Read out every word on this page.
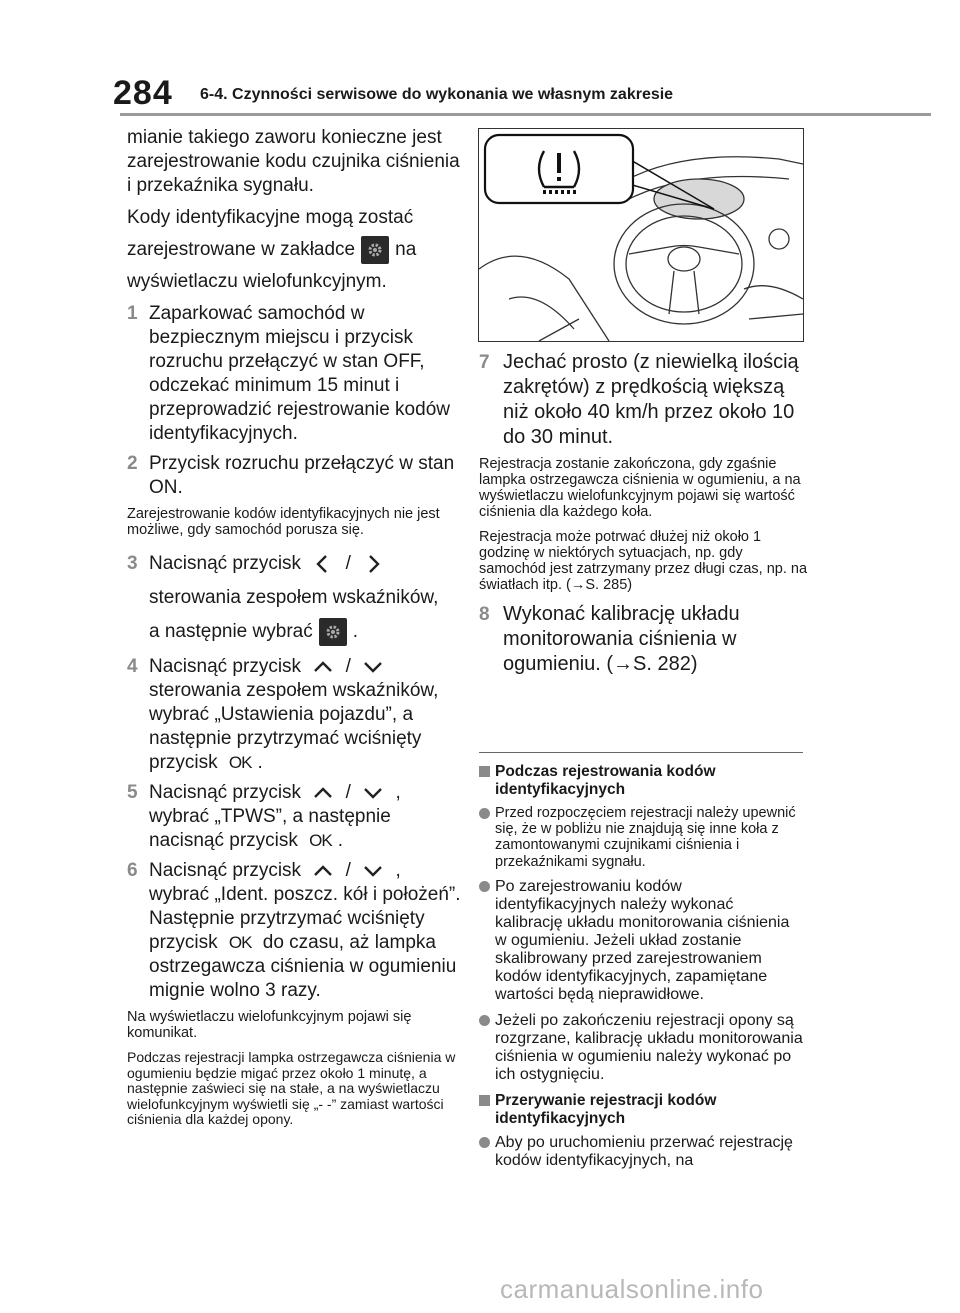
284 6-4. Czynności serwisowe do wykonania we własnym zakresie

mianie takiego zaworu konieczne jest zarejestrowanie kodu czujnika ciśnienia i przekaźnika sygnału.

Kody identyfikacyjne mogą zostać

zarejestrowane w zakładce na

wyświetlaczu wielofunkcyjnym.

1 Zaparkować samochód w bezpiecznym miejscu i przycisk rozruchu przełączyć w stan OFF, odczekać minimum 15 minut i przeprowadzić rejestrowanie kodów identyfikacyjnych.
2 Przycisk rozruchu przełączyć w stan ON.

Zarejestrowanie kodów identyfikacyjnych nie jest możliwe, gdy samochód porusza się.

3 Nacisnąć przycisk /  sterowania zespołem wskaźników,
a następnie wybrać .
4 Nacisnąć przycisk /  sterowania zespołem wskaźników, wybrać „Ustawienia pojazdu”, a następnie przytrzymać wciśnięty przycisk OK .
5 Nacisnąć przycisk / , wybrać „TPWS”, a następnie nacisnąć przycisk OK .
6 Nacisnąć przycisk / , wybrać „Ident. poszcz. kół i położeń”. Następnie przytrzymać wciśnięty przycisk OK do czasu, aż lampka ostrzegawcza ciśnienia w ogumieniu mignie wolno 3 razy.

Na wyświetlaczu wielofunkcyjnym pojawi się komunikat.

Podczas rejestracji lampka ostrzegawcza ciśnienia w ogumieniu będzie migać przez około 1 minutę, a następnie zaświeci się na stałe, a na wyświetlaczu wielofunkcyjnym wyświetli się „- -” zamiast wartości ciśnienia dla każdej opony.

7 Jechać prosto (z niewielką ilością zakrętów) z prędkością większą niż około 40 km/h przez około 10 do 30 minut.

Rejestracja zostanie zakończona, gdy zgaśnie lampka ostrzegawcza ciśnienia w ogumieniu, a na wyświetlaczu wielofunkcyjnym pojawi się wartość ciśnienia dla każdego koła.

Rejestracja może potrwać dłużej niż około 1 godzinę w niektórych sytuacjach, np. gdy samochód jest zatrzymany przez długi czas, np. na światłach itp. (→S. 285)

8 Wykonać kalibrację układu monitorowania ciśnienia w ogumieniu. (→S. 282)
Podczas rejestrowania kodów identyfikacyjnych
Przed rozpoczęciem rejestracji należy upewnić się, że w pobliżu nie znajdują się inne koła z zamontowanymi czujnikami ciśnienia i przekaźnikami sygnału.
Po zarejestrowaniu kodów identyfikacyjnych należy wykonać kalibrację układu monitorowania ciśnienia w ogumieniu. Jeżeli układ zostanie skalibrowany przed zarejestrowaniem kodów identyfikacyjnych, zapamiętane wartości będą nieprawidłowe.
Jeżeli po zakończeniu rejestracji opony są rozgrzane, kalibrację układu monitorowania ciśnienia w ogumieniu należy wykonać po ich ostygnięciu.
Przerywanie rejestracji kodów identyfikacyjnych
Aby po uruchomieniu przerwać rejestrację kodów identyfikacyjnych, na
carmanualsonline.info
